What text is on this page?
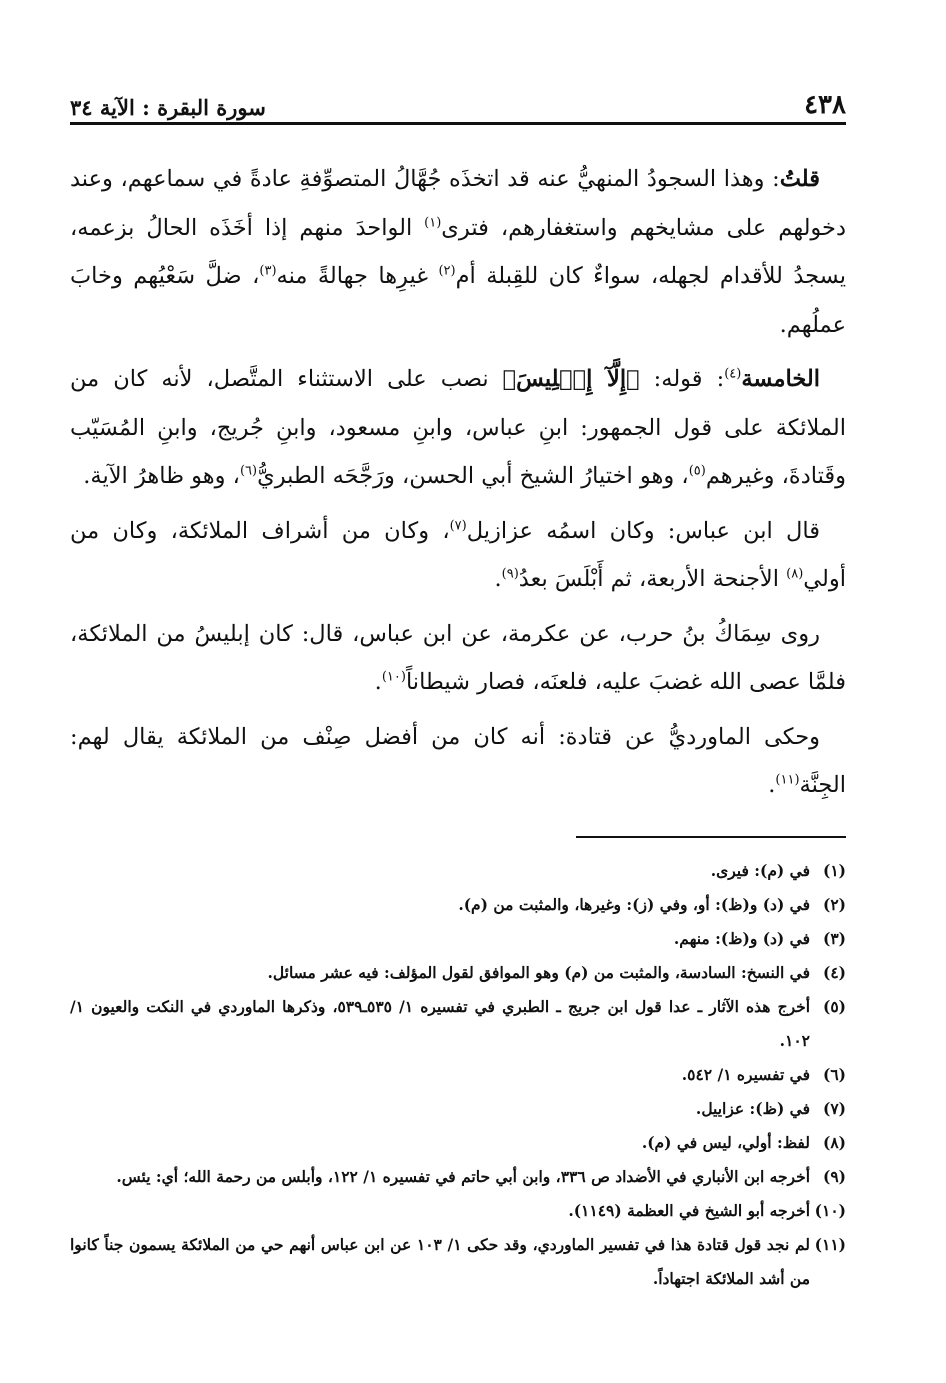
٤٣٨
سورة البقرة : الآية ٣٤

قلتُ: وهذا السجودُ المنهيُّ عنه قد اتخذَه جُهَّالُ المتصوِّفةِ عادةً في سماعهم، وعند دخولهم على مشايخهم واستغفارهم، فترى$^{(١)}$ الواحدَ منهم إذا أخَذَه الحالُ بزعمه، يسجدُ للأقدام لجهله، سواءٌ كان للقِبلة أم$^{(٢)}$ غيرِها جهالةً منه$^{(٣)}$، ضلَّ سَعْيُهم وخابَ عملُهم.

الخامسة$^{(٤)}$: قوله: ﴿إِلَّآ إِبۡلِيسَ﴾ نصب على الاستثناء المتَّصل، لأنه كان من الملائكة على قول الجمهور: ابنِ عباس، وابنِ مسعود، وابنِ جُريج، وابنِ المُسَيّب وقَتادةَ، وغيرهم$^{(٥)}$، وهو اختيارُ الشيخ أبي الحسن، ورَجَّحَه الطبريُّ$^{(٦)}$، وهو ظاهرُ الآية.

قال ابن عباس: وكان اسمُه عزازيل$^{(٧)}$، وكان من أشراف الملائكة، وكان من أولي$^{(٨)}$ الأجنحة الأربعة، ثم أَبْلَسَ بعدُ$^{(٩)}$.

روى سِمَاكُ بنُ حرب، عن عكرمة، عن ابن عباس، قال: كان إبليسُ من الملائكة، فلمَّا عصى الله غضبَ عليه، فلعنَه، فصار شيطاناً$^{(١٠)}$.

وحكى الماورديُّ عن قتادة: أنه كان من أفضل صِنْف من الملائكة يقال لهم: الجِنَّة$^{(١١)}$.

(١)
في (م): فيرى.
(٢)
في (د) و(ظ): أو، وفي (ز): وغيرها، والمثبت من (م).
(٣)
في (د) و(ظ): منهم.
(٤)
في النسخ: السادسة، والمثبت من (م) وهو الموافق لقول المؤلف: فيه عشر مسائل.
(٥)
أخرج هذه الآثار ـ عدا قول ابن جريج ـ الطبري في تفسيره ١/ ٥٣٥ـ٥٣٩، وذكرها الماوردي في النكت والعيون ١/ ١٠٢.
(٦)
في تفسيره ١/ ٥٤٢.
(٧)
في (ظ): عزاييل.
(٨)
لفظ: أولي، ليس في (م).
(٩)
أخرجه ابن الأنباري في الأضداد ص ٣٣٦، وابن أبي حاتم في تفسيره ١/ ١٢٢، وأبلس من رحمة الله؛ أي: يئس.
(١٠)
أخرجه أبو الشيخ في العظمة (١١٤٩).
(١١)
لم نجد قول قتادة هذا في تفسير الماوردي، وقد حكى ١/ ١٠٣ عن ابن عباس أنهم حي من الملائكة يسمون جناً كانوا من أشد الملائكة اجتهاداً.
